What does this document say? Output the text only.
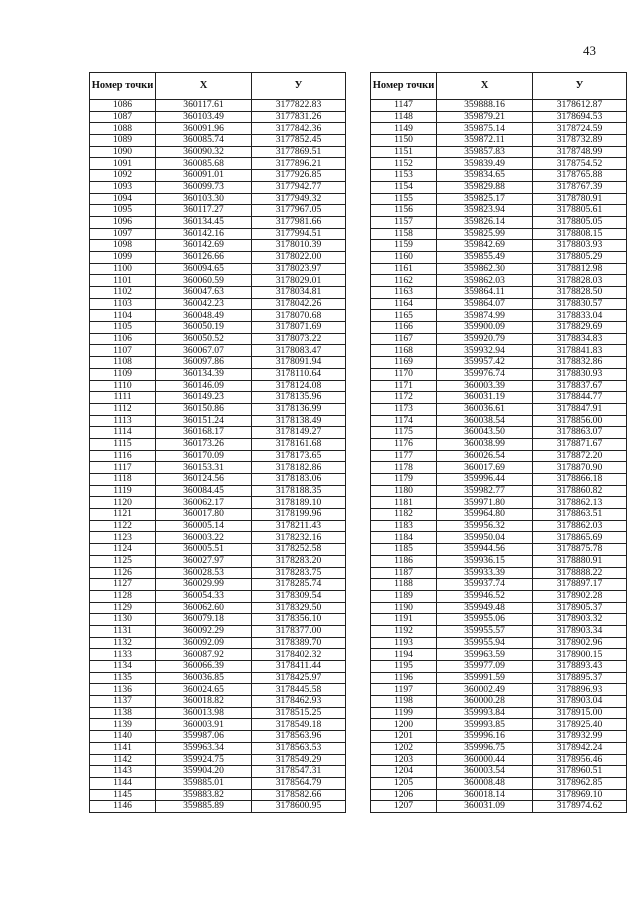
43
Номер точки	X	У
1086	360117.61	3177822.83
1087	360103.49	3177831.26
1088	360091.96	3177842.36
1089	360085.74	3177852.45
1090	360090.32	3177869.51
1091	360085.68	3177896.21
1092	360091.01	3177926.85
1093	360099.73	3177942.77
1094	360103.30	3177949.32
1095	360117.27	3177967.05
1096	360134.45	3177981.66
1097	360142.16	3177994.51
1098	360142.69	3178010.39
1099	360126.66	3178022.00
1100	360094.65	3178023.97
1101	360060.59	3178029.01
1102	360047.63	3178034.81
1103	360042.23	3178042.26
1104	360048.49	3178070.68
1105	360050.19	3178071.69
1106	360050.52	3178073.22
1107	360067.07	3178083.47
1108	360097.86	3178091.94
1109	360134.39	3178110.64
1110	360146.09	3178124.08
1111	360149.23	3178135.96
1112	360150.86	3178136.99
1113	360151.24	3178138.49
1114	360168.17	3178149.27
1115	360173.26	3178161.68
1116	360170.09	3178173.65
1117	360153.31	3178182.86
1118	360124.56	3178183.06
1119	360084.45	3178188.35
1120	360062.17	3178189.10
1121	360017.80	3178199.96
1122	360005.14	3178211.43
1123	360003.22	3178232.16
1124	360005.51	3178252.58
1125	360027.97	3178283.20
1126	360028.53	3178283.75
1127	360029.99	3178285.74
1128	360054.33	3178309.54
1129	360062.60	3178329.50
1130	360079.18	3178356.10
1131	360092.29	3178377.00
1132	360092.09	3178389.70
1133	360087.92	3178402.32
1134	360066.39	3178411.44
1135	360036.85	3178425.97
1136	360024.65	3178445.58
1137	360018.82	3178462.93
1138	360013.98	3178515.25
1139	360003.91	3178549.18
1140	359987.06	3178563.96
1141	359963.34	3178563.53
1142	359924.75	3178549.29
1143	359904.20	3178547.31
1144	359885.01	3178564.79
1145	359883.82	3178582.66
1146	359885.89	3178600.95
Номер точки	X	У
1147	359888.16	3178612.87
1148	359879.21	3178694.53
1149	359875.14	3178724.59
1150	359872.11	3178732.89
1151	359857.83	3178748.99
1152	359839.49	3178754.52
1153	359834.65	3178765.88
1154	359829.88	3178767.39
1155	359825.17	3178780.91
1156	359823.94	3178805.61
1157	359826.14	3178805.05
1158	359825.99	3178808.15
1159	359842.69	3178803.93
1160	359855.49	3178805.29
1161	359862.30	3178812.98
1162	359862.03	3178828.03
1163	359864.11	3178828.50
1164	359864.07	3178830.57
1165	359874.99	3178833.04
1166	359900.09	3178829.69
1167	359920.79	3178834.83
1168	359932.94	3178841.83
1169	359957.42	3178832.86
1170	359976.74	3178830.93
1171	360003.39	3178837.67
1172	360031.19	3178844.77
1173	360036.61	3178847.91
1174	360038.54	3178856.00
1175	360043.50	3178863.07
1176	360038.99	3178871.67
1177	360026.54	3178872.20
1178	360017.69	3178870.90
1179	359996.44	3178866.18
1180	359982.77	3178860.82
1181	359971.80	3178862.13
1182	359964.80	3178863.51
1183	359956.32	3178862.03
1184	359950.04	3178865.69
1185	359944.56	3178875.78
1186	359936.15	3178880.91
1187	359933.39	3178888.22
1188	359937.74	3178897.17
1189	359946.52	3178902.28
1190	359949.48	3178905.37
1191	359955.06	3178903.32
1192	359955.57	3178903.34
1193	359955.94	3178902.96
1194	359963.59	3178900.15
1195	359977.09	3178893.43
1196	359991.59	3178895.37
1197	360002.49	3178896.93
1198	360000.28	3178903.04
1199	359993.84	3178915.00
1200	359993.85	3178925.40
1201	359996.16	3178932.99
1202	359996.75	3178942.24
1203	360000.44	3178956.46
1204	360003.54	3178960.51
1205	360008.48	3178962.85
1206	360018.14	3178969.10
1207	360031.09	3178974.62
